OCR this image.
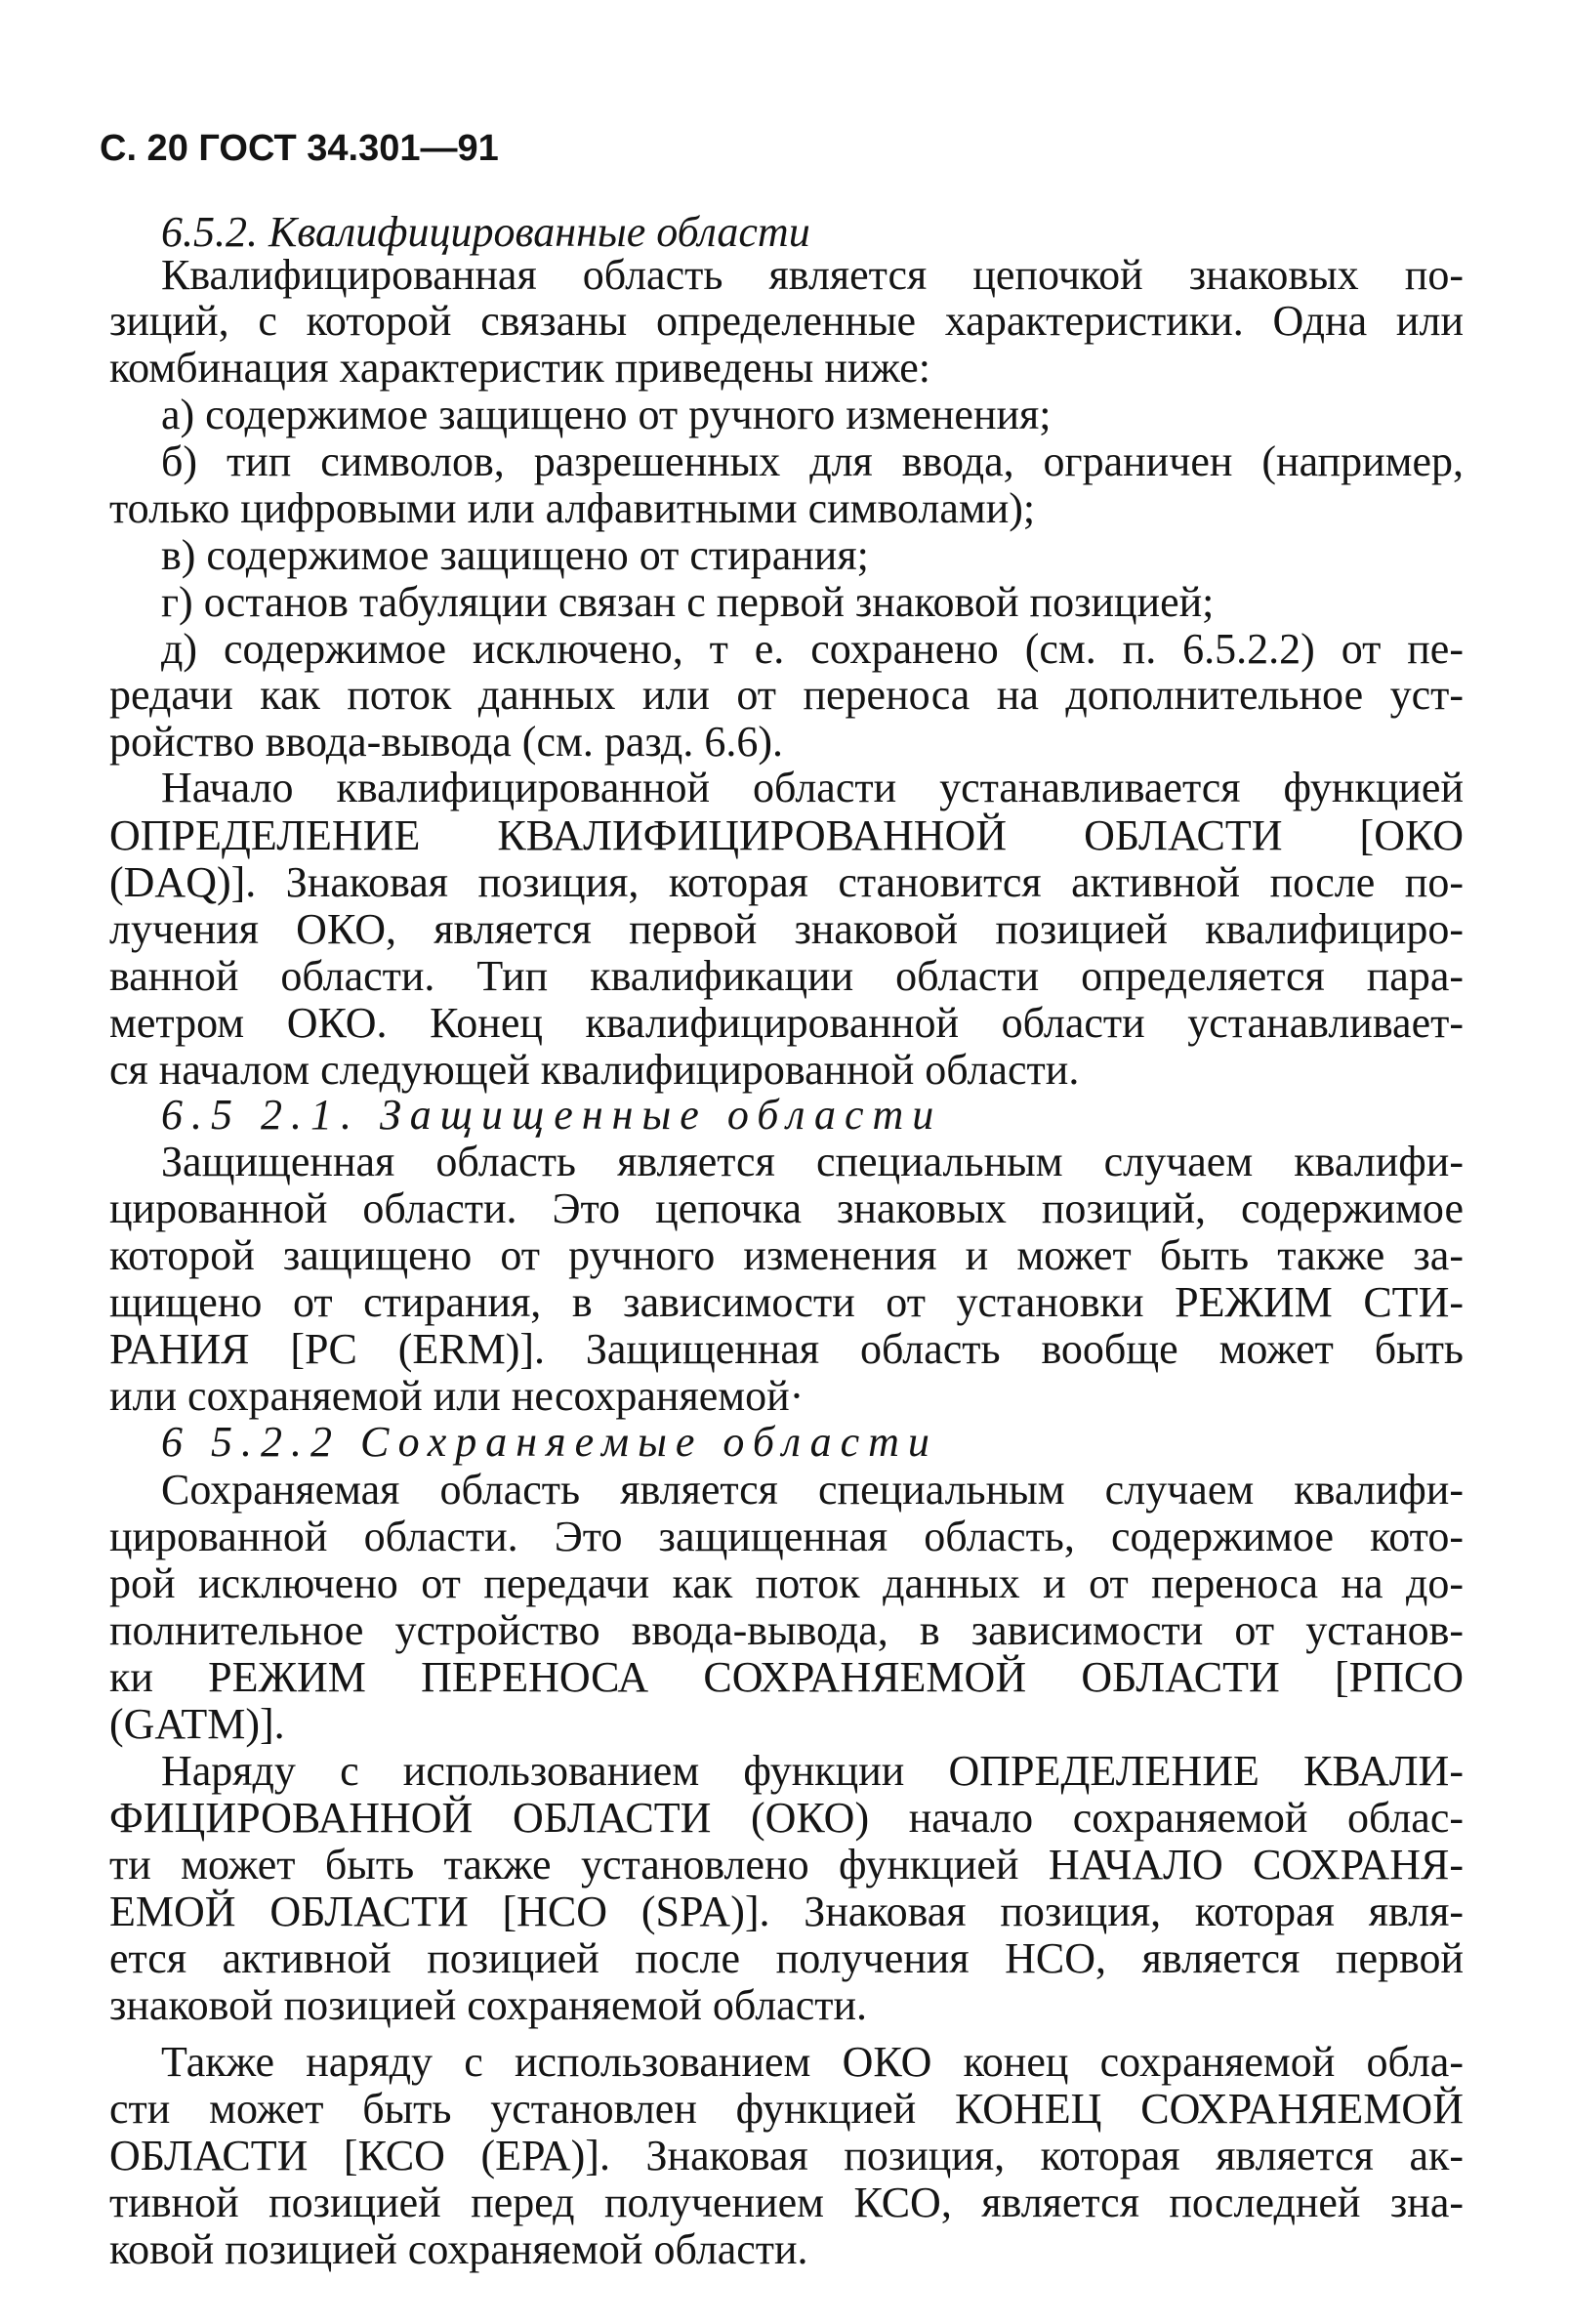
С. 20 ГОСТ 34.301—91
6.5.2. Квалифицированные области
Квалифицированная область является цепочкой знаковых по-
зиций, с которой связаны определенные характеристики. Одна или
комбинация характеристик приведены ниже:
а) содержимое защищено от ручного изменения;
б) тип символов, разрешенных для ввода, ограничен (например,
только цифровыми или алфавитными символами);
в) содержимое защищено от стирания;
г) останов табуляции связан с первой знаковой позицией;
д) содержимое исключено, т е. сохранено (см. п. 6.5.2.2) от пе-
редачи как поток данных или от переноса на дополнительное уст-
ройство ввода-вывода (см. разд. 6.6).
Начало квалифицированной области устанавливается функцией
ОПРЕДЕЛЕНИЕ КВАЛИФИЦИРОВАННОЙ ОБЛАСТИ [ОКО
(DAQ)]. Знаковая позиция, которая становится активной после по-
лучения ОКО, является первой знаковой позицией квалифициро-
ванной области. Тип квалификации области определяется пара-
метром ОКО. Конец квалифицированной области устанавливает-
ся началом следующей квалифицированной области.
6.5 2.1. Защищенные области
Защищенная область является специальным случаем квалифи-
цированной области. Это цепочка знаковых позиций, содержимое
которой защищено от ручного изменения и может быть также за-
щищено от стирания, в зависимости от установки РЕЖИМ СТИ-
РАНИЯ [PC (ERM)]. Защищенная область вообще может быть
или сохраняемой или несохраняемой·
6 5.2.2 Сохраняемые области
Сохраняемая область является специальным случаем квалифи-
цированной области. Это защищенная область, содержимое кото-
рой исключено от передачи как поток данных и от переноса на до-
полнительное устройство ввода-вывода, в зависимости от установ-
ки РЕЖИМ ПЕРЕНОСА СОХРАНЯЕМОЙ ОБЛАСТИ [РПСО
(GATM)].
Наряду с использованием функции ОПРЕДЕЛЕНИЕ КВАЛИ-
ФИЦИРОВАННОЙ ОБЛАСТИ (ОКО) начало сохраняемой облас-
ти может быть также установлено функцией НАЧАЛО СОХРАНЯ-
ЕМОЙ ОБЛАСТИ [НСО (SPA)]. Знаковая позиция, которая явля-
ется активной позицией после получения НСО, является первой
знаковой позицией сохраняемой области.
Также наряду с использованием ОКО конец сохраняемой обла-
сти может быть установлен функцией КОНЕЦ СОХРАНЯЕМОЙ
ОБЛАСТИ [КСО (ЕРА)]. Знаковая позиция, которая является ак-
тивной позицией перед получением КСО, является последней зна-
ковой позицией сохраняемой области.
